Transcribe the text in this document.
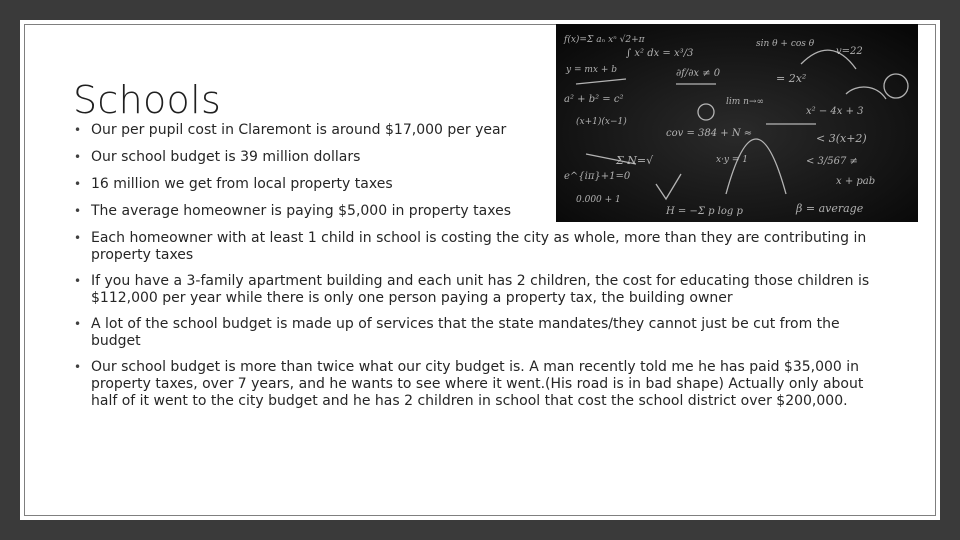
Schools
f(x)=Σ aₙ xⁿ √2+π
∫ x² dx = x³/3
sin θ + cos θ
v=22
y = mx + b	∂f/∂x ≠ 0	= 2x²
a² + b² = c²	lim n→∞
x² − 4x + 3
(x+1)(x−1)
cov = 384 + N ≈	< 3(x+2)
Σ N=√	x·y = 1	< 3/567 ≠
e^{iπ}+1=0	x + pab
0.000 + 1
H = −Σ p log p	β = average
• Our per pupil cost in Claremont is around $17,000 per year
• Our school budget is 39 million dollars
• 16 million we get from local property taxes
• The average homeowner is paying $5,000 in property taxes
• Each homeowner with at least 1 child in school is costing the city as whole, more than they are contributing in property taxes
• If you have a 3-family apartment building and each unit has 2 children, the cost for educating those children is $112,000 per year while there is only one person paying a property tax, the building owner
• A lot of the school budget is made up of services that the state mandates/they cannot just be cut from the budget
• Our school budget is more than twice what our city budget is. A man recently told me he has paid $35,000 in property taxes, over 7 years, and he wants to see where it went.(His road is in bad shape) Actually only about half of it went to the city budget and he has 2 children in school that cost the school district over $200,000.
